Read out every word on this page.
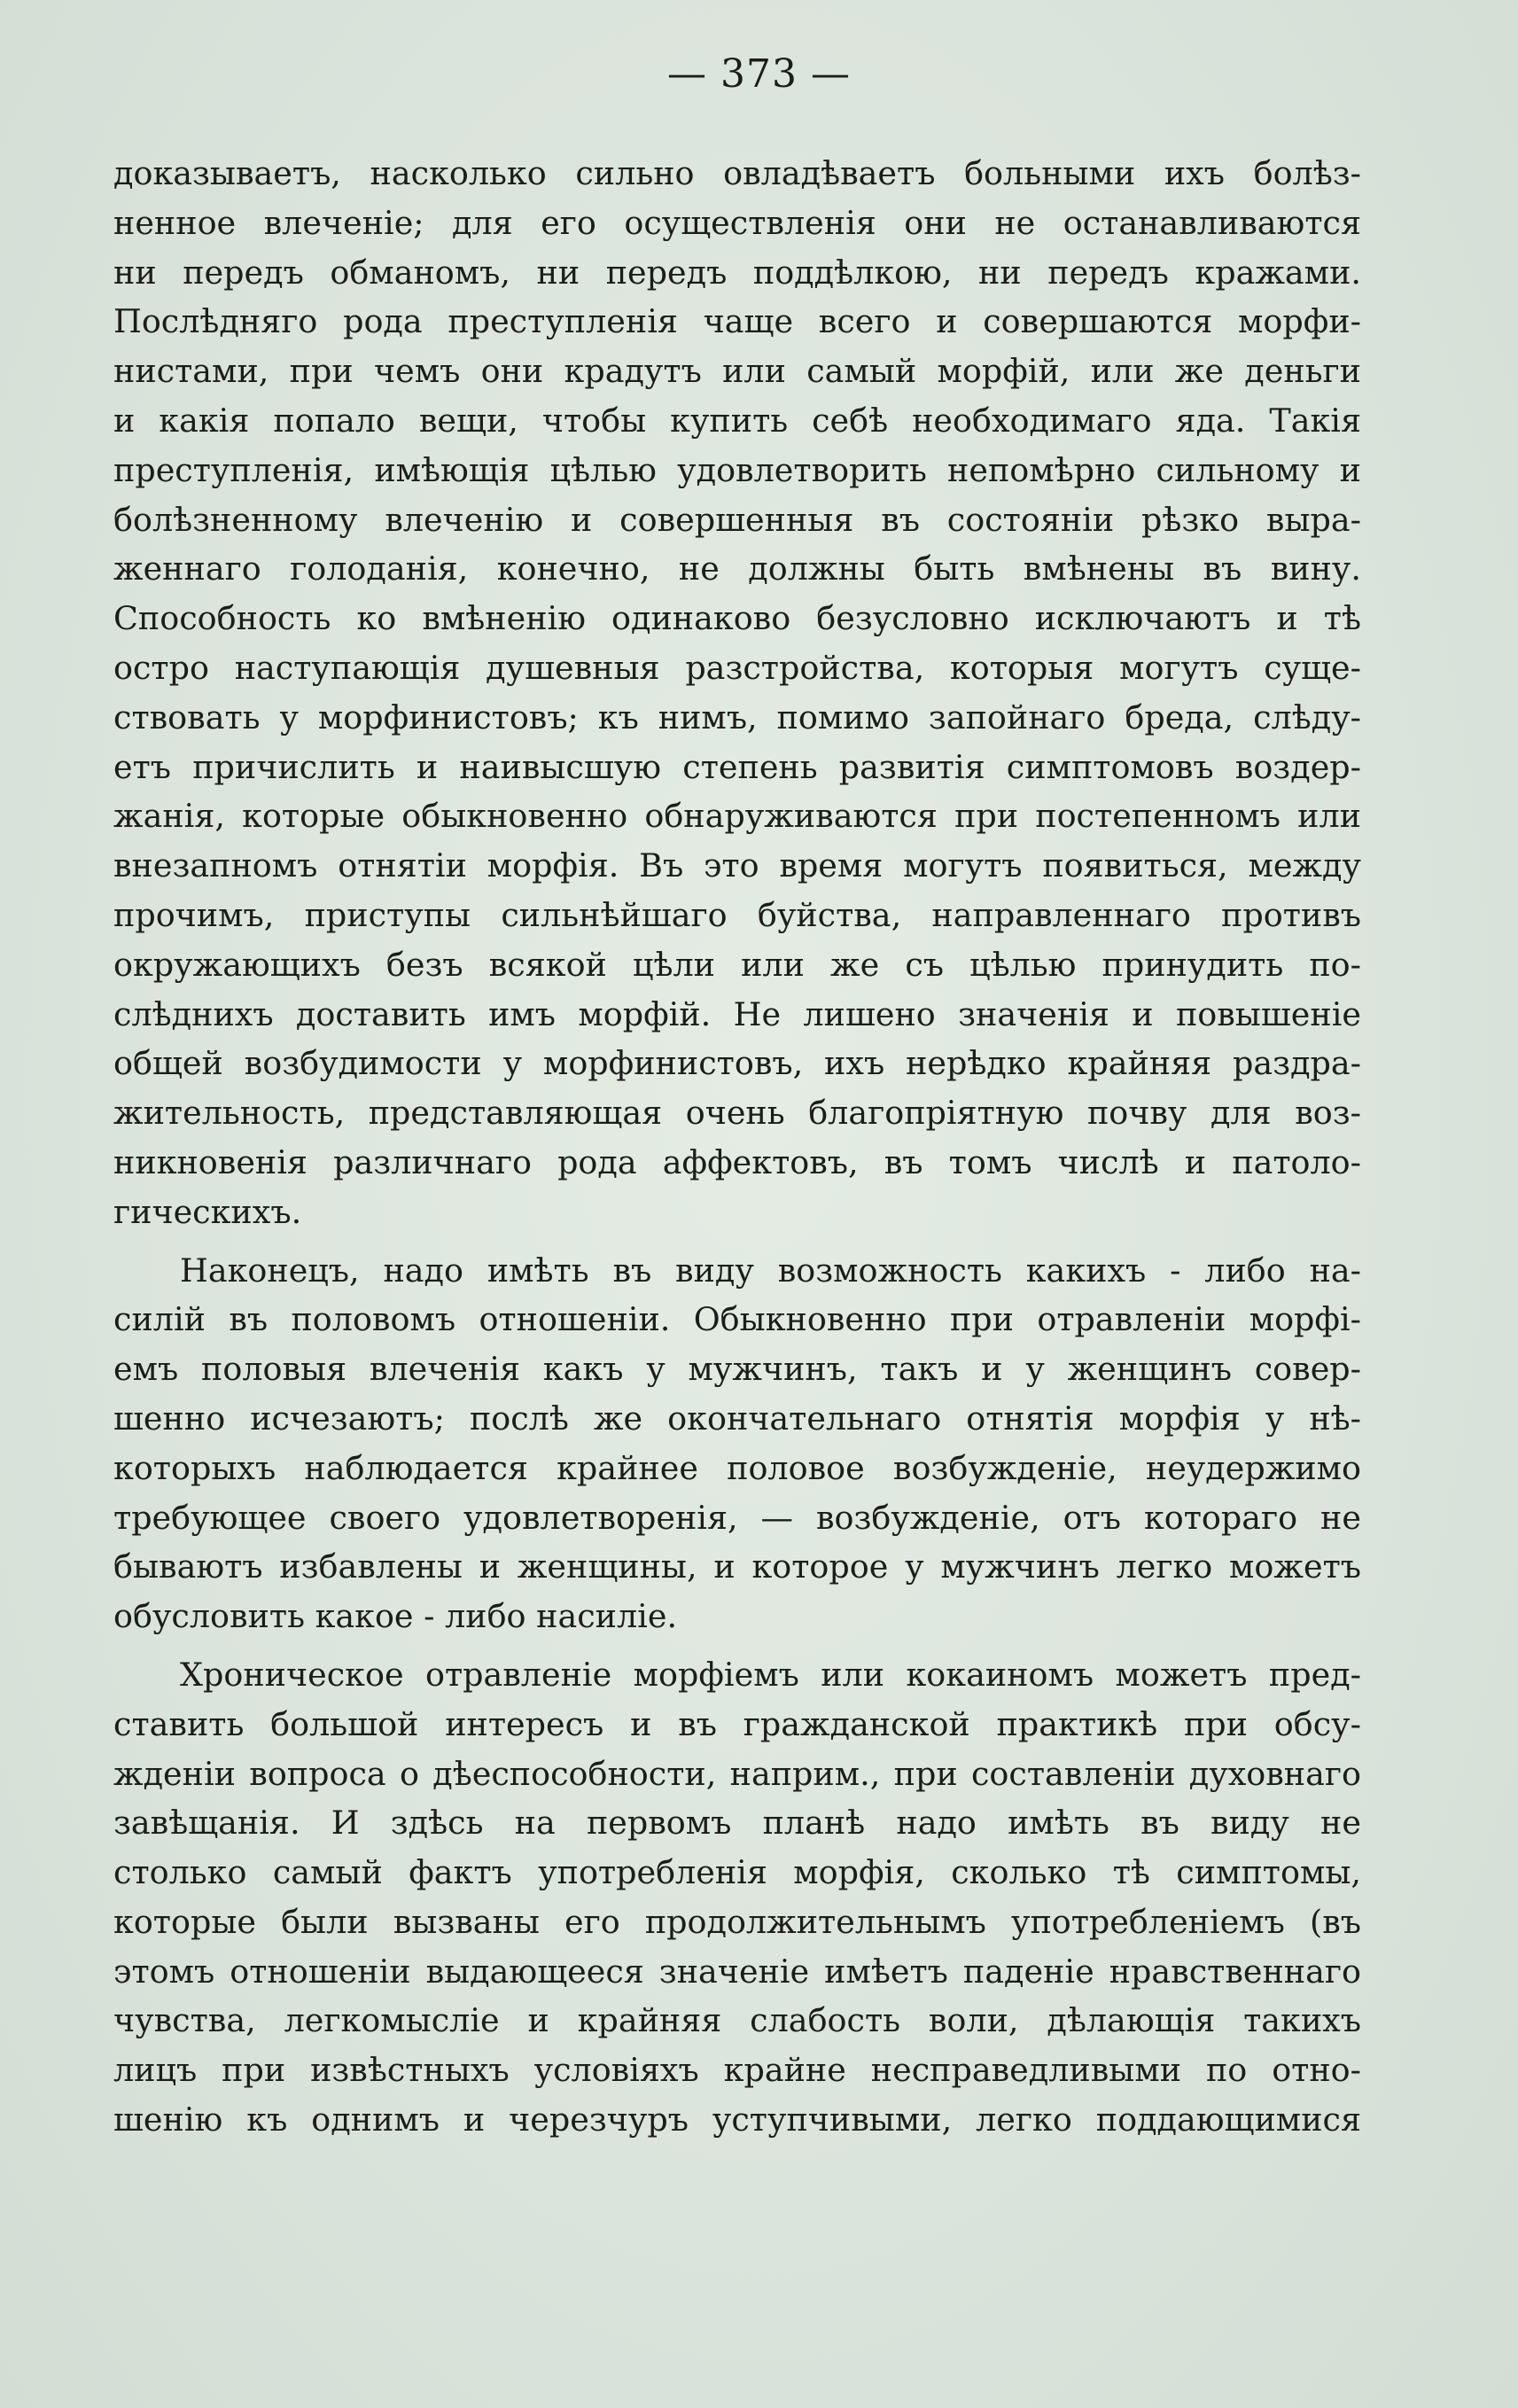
— 373 —
доказываетъ, насколько сильно овладѣваетъ больными ихъ болѣз-
ненное влеченіе; для его осуществленія они не останавливаются
ни передъ обманомъ, ни передъ поддѣлкою, ни передъ кражами.
Послѣдняго рода преступленія чаще всего и совершаются морфи-
нистами, при чемъ они крадутъ или самый морфій, или же деньги
и какія попало вещи, чтобы купить себѣ необходимаго яда. Такія
преступленія, имѣющія цѣлью удовлетворить непомѣрно сильному и
болѣзненному влеченію и совершенныя въ состояніи рѣзко выра-
женнаго голоданія, конечно, не должны быть вмѣнены въ вину.
Способность ко вмѣненію одинаково безусловно исключаютъ и тѣ
остро наступающія душевныя разстройства, которыя могутъ суще-
ствовать у морфинистовъ; къ нимъ, помимо запойнаго бреда, слѣду-
етъ причислить и наивысшую степень развитія симптомовъ воздер-
жанія, которые обыкновенно обнаруживаются при постепенномъ или
внезапномъ отнятіи морфія. Въ это время могутъ появиться, между
прочимъ, приступы сильнѣйшаго буйства, направленнаго противъ
окружающихъ безъ всякой цѣли или же съ цѣлью принудить по-
слѣднихъ доставить имъ морфій. Не лишено значенія и повышеніе
общей возбудимости у морфинистовъ, ихъ нерѣдко крайняя раздра-
жительность, представляющая очень благопріятную почву для воз-
никновенія различнаго рода аффектовъ, въ томъ числѣ и патоло-
гическихъ.
Наконецъ, надо имѣть въ виду возможность какихъ - либо на-
силій въ половомъ отношеніи. Обыкновенно при отравленіи морфі-
емъ половыя влеченія какъ у мужчинъ, такъ и у женщинъ совер-
шенно исчезаютъ; послѣ же окончательнаго отнятія морфія у нѣ-
которыхъ наблюдается крайнее половое возбужденіе, неудержимо
требующее своего удовлетворенія, — возбужденіе, отъ котораго не
бываютъ избавлены и женщины, и которое у мужчинъ легко можетъ
обусловить какое - либо насиліе.
Хроническое отравленіе морфіемъ или кокаиномъ можетъ пред-
ставить большой интересъ и въ гражданской практикѣ при обсу-
жденіи вопроса о дѣеспособности, наприм., при составленіи духовнаго
завѣщанія. И здѣсь на первомъ планѣ надо имѣть въ виду не
столько самый фактъ употребленія морфія, сколько тѣ симптомы,
которые были вызваны его продолжительнымъ употребленіемъ (въ
этомъ отношеніи выдающееся значеніе имѣетъ паденіе нравственнаго
чувства, легкомысліе и крайняя слабость воли, дѣлающія такихъ
лицъ при извѣстныхъ условіяхъ крайне несправедливыми по отно-
шенію къ однимъ и черезчуръ уступчивыми, легко поддающимися
